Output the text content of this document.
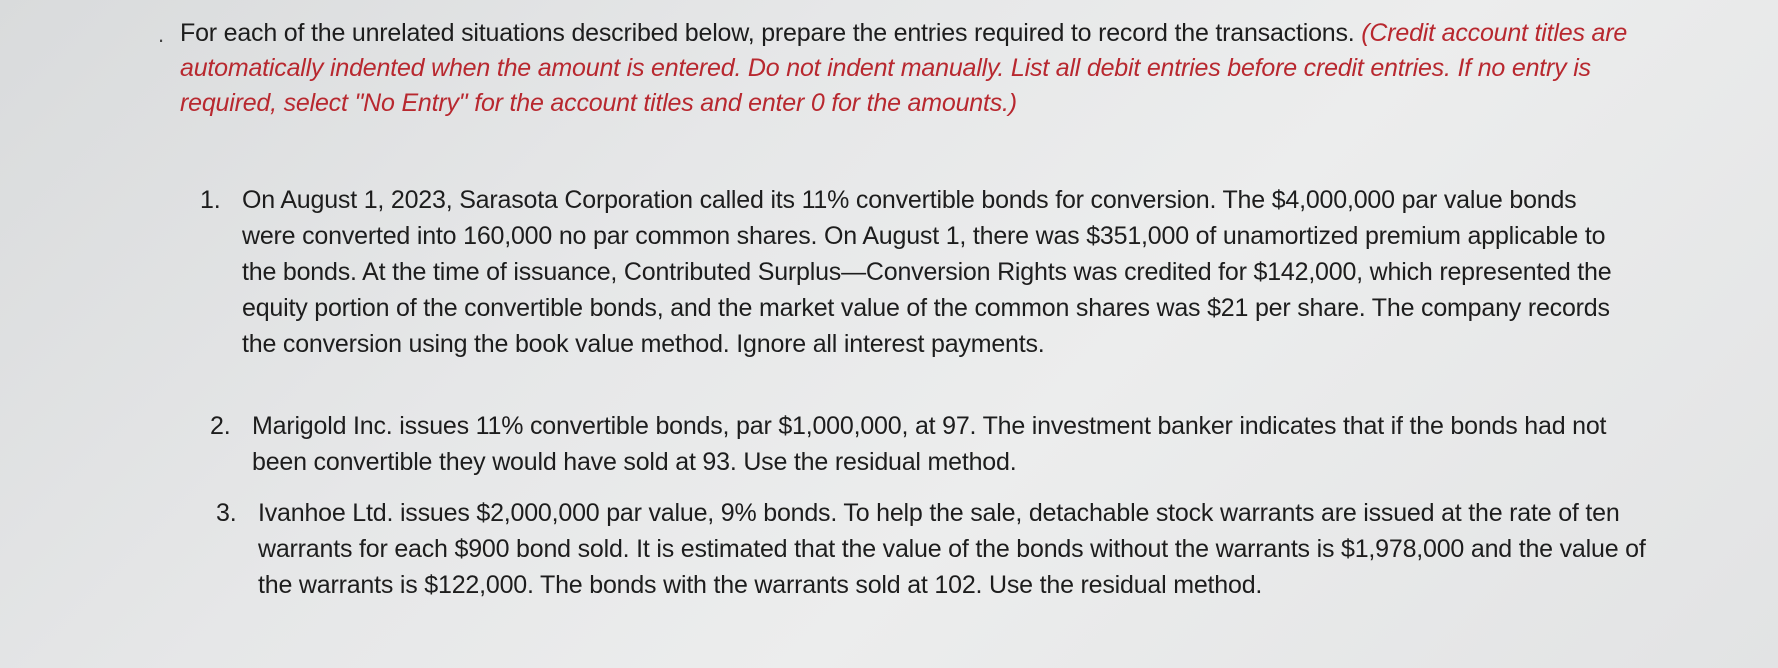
. For each of the unrelated situations described below, prepare the entries required to record the transactions. (Credit account titles are automatically indented when the amount is entered. Do not indent manually. List all debit entries before credit entries. If no entry is required, select "No Entry" for the account titles and enter 0 for the amounts.)

1. On August 1, 2023, Sarasota Corporation called its 11% convertible bonds for conversion. The $4,000,000 par value bonds were converted into 160,000 no par common shares. On August 1, there was $351,000 of unamortized premium applicable to the bonds. At the time of issuance, Contributed Surplus—Conversion Rights was credited for $142,000, which represented the equity portion of the convertible bonds, and the market value of the common shares was $21 per share. The company records the conversion using the book value method. Ignore all interest payments.
2. Marigold Inc. issues 11% convertible bonds, par $1,000,000, at 97. The investment banker indicates that if the bonds had not been convertible they would have sold at 93. Use the residual method.
3. Ivanhoe Ltd. issues $2,000,000 par value, 9% bonds. To help the sale, detachable stock warrants are issued at the rate of ten warrants for each $900 bond sold. It is estimated that the value of the bonds without the warrants is $1,978,000 and the value of the warrants is $122,000. The bonds with the warrants sold at 102. Use the residual method.
